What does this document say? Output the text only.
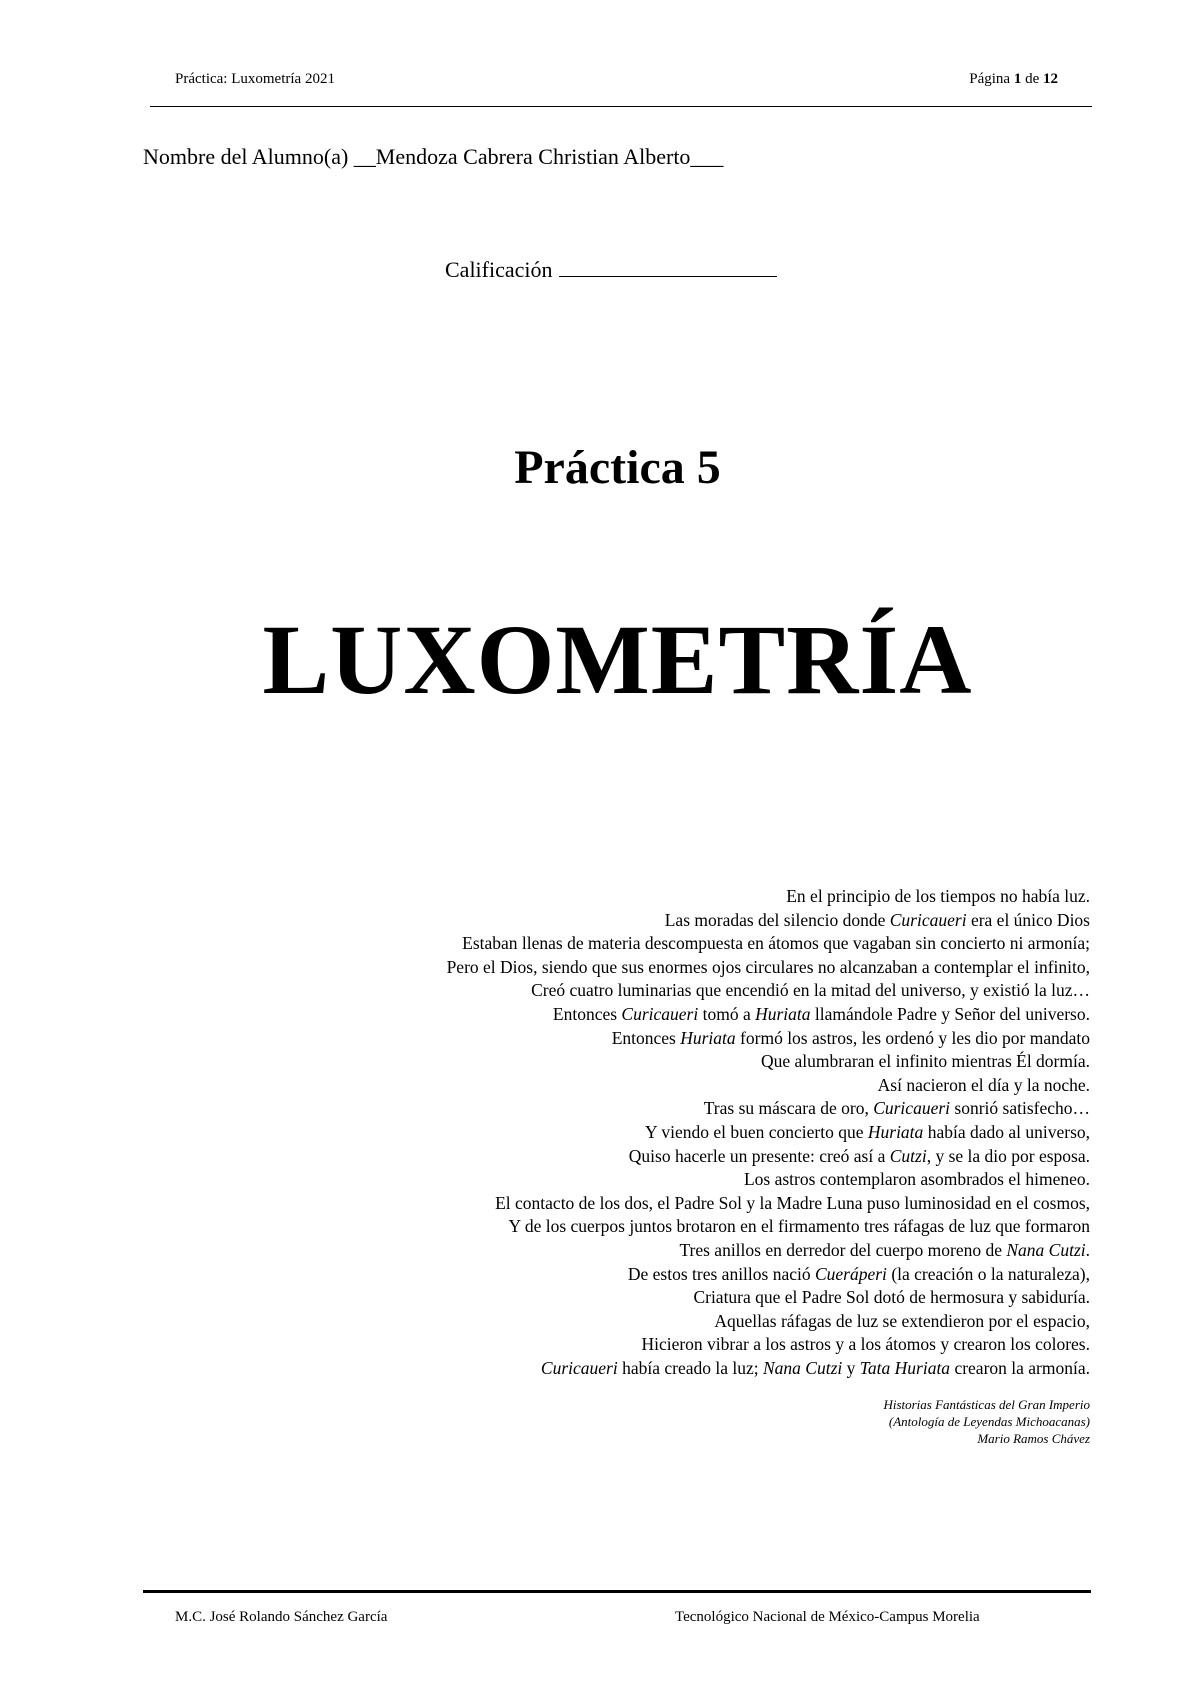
Práctica: Luxometría 2021	Página 1 de 12
Nombre del Alumno(a) __Mendoza Cabrera Christian Alberto___
Calificación
Práctica 5
LUXOMETRÍA
En el principio de los tiempos no había luz.
Las moradas del silencio donde Curicaueri era el único Dios
Estaban llenas de materia descompuesta en átomos que vagaban sin concierto ni armonía;
Pero el Dios, siendo que sus enormes ojos circulares no alcanzaban a contemplar el infinito,
Creó cuatro luminarias que encendió en la mitad del universo, y existió la luz…
Entonces Curicaueri tomó a Huriata llamándole Padre y Señor del universo.
Entonces Huriata formó los astros, les ordenó y les dio por mandato
Que alumbraran el infinito mientras Él dormía.
Así nacieron el día y la noche.
Tras su máscara de oro, Curicaueri sonrió satisfecho…
Y viendo el buen concierto que Huriata había dado al universo,
Quiso hacerle un presente: creó así a Cutzi, y se la dio por esposa.
Los astros contemplaron asombrados el himeneo.
El contacto de los dos, el Padre Sol y la Madre Luna puso luminosidad en el cosmos,
Y de los cuerpos juntos brotaron en el firmamento tres ráfagas de luz que formaron
Tres anillos en derredor del cuerpo moreno de Nana Cutzi.
De estos tres anillos nació Cueráperi (la creación o la naturaleza),
Criatura que el Padre Sol dotó de hermosura y sabiduría.
Aquellas ráfagas de luz se extendieron por el espacio,
Hicieron vibrar a los astros y a los átomos y crearon los colores.
Curicaueri había creado la luz; Nana Cutzi y Tata Huriata crearon la armonía.
Historias Fantásticas del Gran Imperio
(Antología de Leyendas Michoacanas)
Mario Ramos Chávez
M.C. José Rolando Sánchez García	Tecnológico Nacional de México-Campus Morelia
